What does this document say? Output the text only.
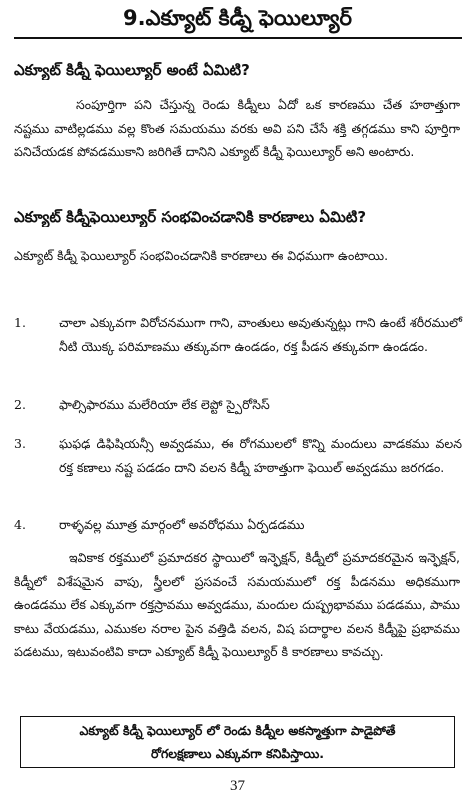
9.ఎక్యూట్ కిడ్నీ ఫెయిల్యూర్
ఎక్యూట్ కిడ్నీ ఫెయిల్యూర్ అంటే ఏమిటి?
సంపూర్తిగా పని చేస్తున్న రెండు కిడ్నీలు ఏదో ఒక కారణము చేత హఠాత్తుగా నష్టము వాటిల్లడము వల్ల కొంత సమయము వరకు అవి పని చేసే శక్తి తగ్గడము కాని పూర్తిగా పనిచేయడక పోవడముకాని జరిగితే దానిని ఎక్యూట్ కిడ్నీ ఫెయిల్యూర్ అని అంటారు.
ఎక్యూట్ కిడ్నీఫెయిల్యూర్ సంభవించడానికి కారణాలు ఏమిటి?
ఎక్యూట్ కిడ్నీ ఫెయిల్యూర్ సంభవించడానికి కారణాలు ఈ విధముగా ఉంటాయి.
1.	చాలా ఎక్కువగా విరోచనముగా గాని, వాంతులు అవుతున్నట్లు గాని ఉంటే శరీరములో నీటి యొక్క పరిమాణము తక్కువగా ఉండడం, రక్త పీడన తక్కువగా ఉండడం.
2.	ఫాల్సిఫారము మలేరియా లేక లెప్టో స్పైరోసిస్
3.	ఘఫఢ డిఫిషియన్సీ అవ్వడము, ఈ రోగములలో కొన్ని మందులు వాడకము వలన రక్త కణాలు నష్ట పడడం దాని వలన కిడ్నీ హఠాత్తుగా ఫెయిల్ అవ్వడము జరగడం.
4.	రాళ్ళవల్ల మూత్ర మార్గంలో అవరోధము ఏర్పడడము
ఇవికాక రక్తములో ప్రమాదకర స్థాయిలో ఇన్ఫెక్షన్, కిడ్నీలో ప్రమాదకరమైన ఇన్ఫెక్షన్, కిడ్నీలో విశేషమైన వాపు, స్త్రీలలో ప్రసవంచే సమయములో రక్త పీడనము అధికముగా ఉండడము లేక ఎక్కువగా రక్తస్రావము అవ్వడము, మందుల దుష్ప్రభావము పడడము, పాము కాటు వేయడము, ఎముకల నరాల పైన వత్తిడి వలన, విష పదార్థాల వలన కిడ్నీపై ప్రభావము పడటము, ఇటువంటివి కాదా ఎక్యూట్ కిడ్నీ ఫెయిల్యూర్ కి కారణాలు కావచ్చు.
ఎక్యూట్ కిడ్నీ ఫెయిల్యూర్ లో రెండు కిడ్నీల అకస్మాత్తుగా పాడైపోతే
రోగలక్షణాలు ఎక్కువగా కనిపిస్తాయి.
37
